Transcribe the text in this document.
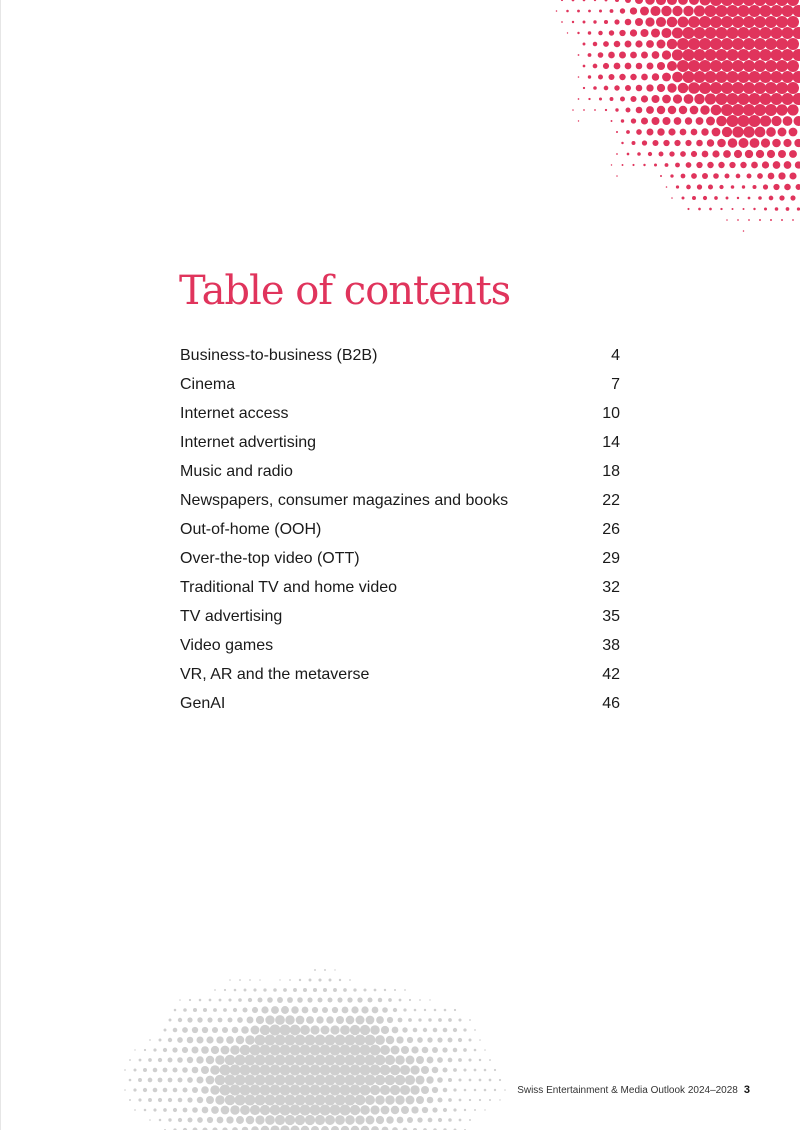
Table of contents
Business-to-business (B2B)	4
Cinema	7
Internet access	10
Internet advertising	14
Music and radio	18
Newspapers, consumer magazines and books	22
Out-of-home (OOH)	26
Over-the-top video (OTT)	29
Traditional TV and home video	32
TV advertising	35
Video games	38
VR, AR and the metaverse	42
GenAI	46
Swiss Entertainment & Media Outlook 2024–2028 3
